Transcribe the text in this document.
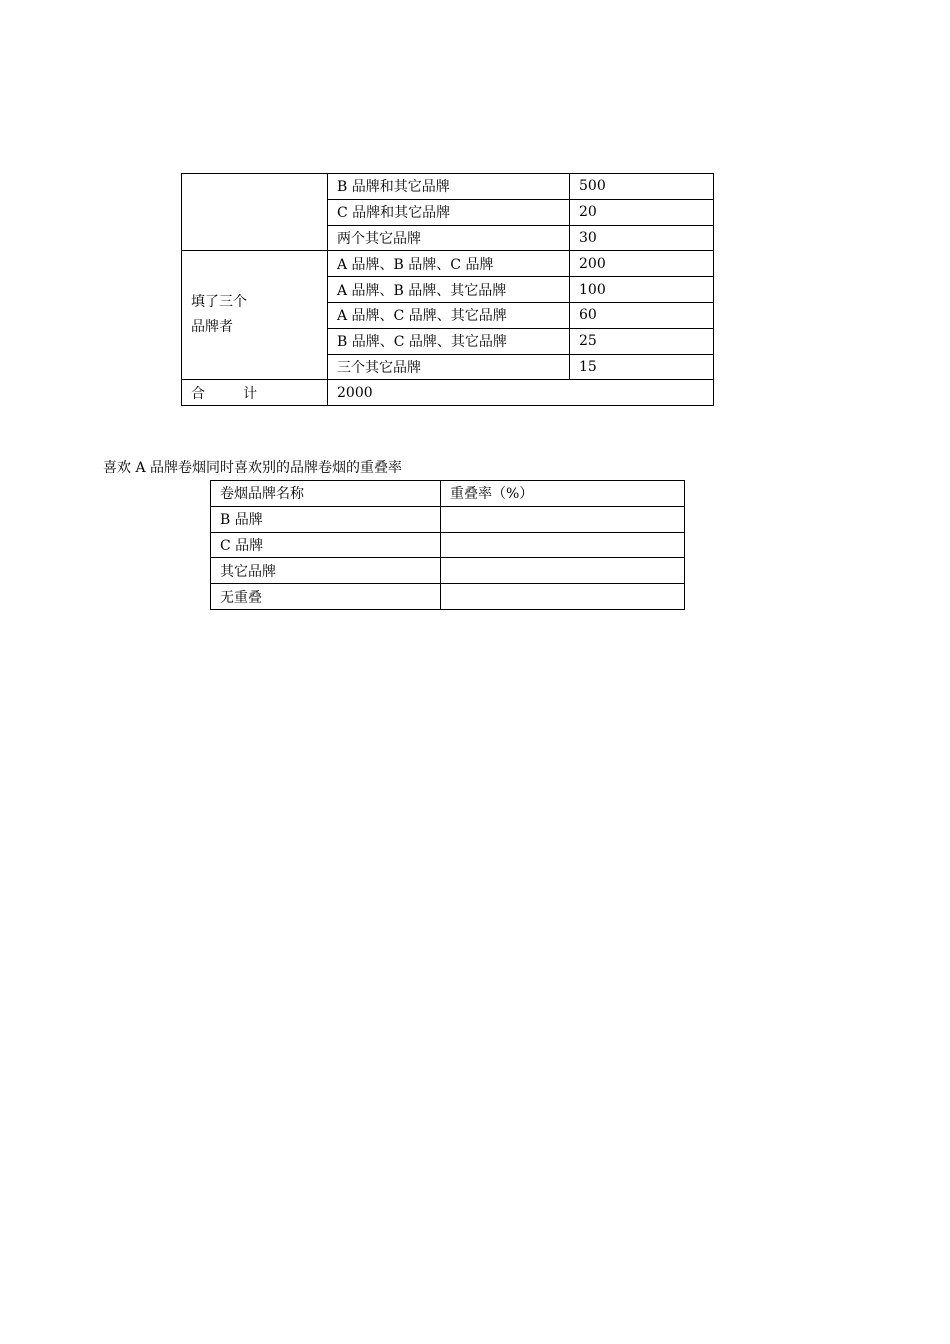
	B 品牌和其它品牌	500
	C 品牌和其它品牌	20
	两个其它品牌	30

填了三个
品牌者	A 品牌、B 品牌、C 品牌	200
	A 品牌、B 品牌、其它品牌	100
	A 品牌、C 品牌、其它品牌	60
	B 品牌、C 品牌、其它品牌	25
	三个其它品牌	15
合 计	2000	
喜欢 A 品牌卷烟同时喜欢别的品牌卷烟的重叠率
卷烟品牌名称	重叠率（%）
B 品牌	
C 品牌	
其它品牌	
无重叠	
